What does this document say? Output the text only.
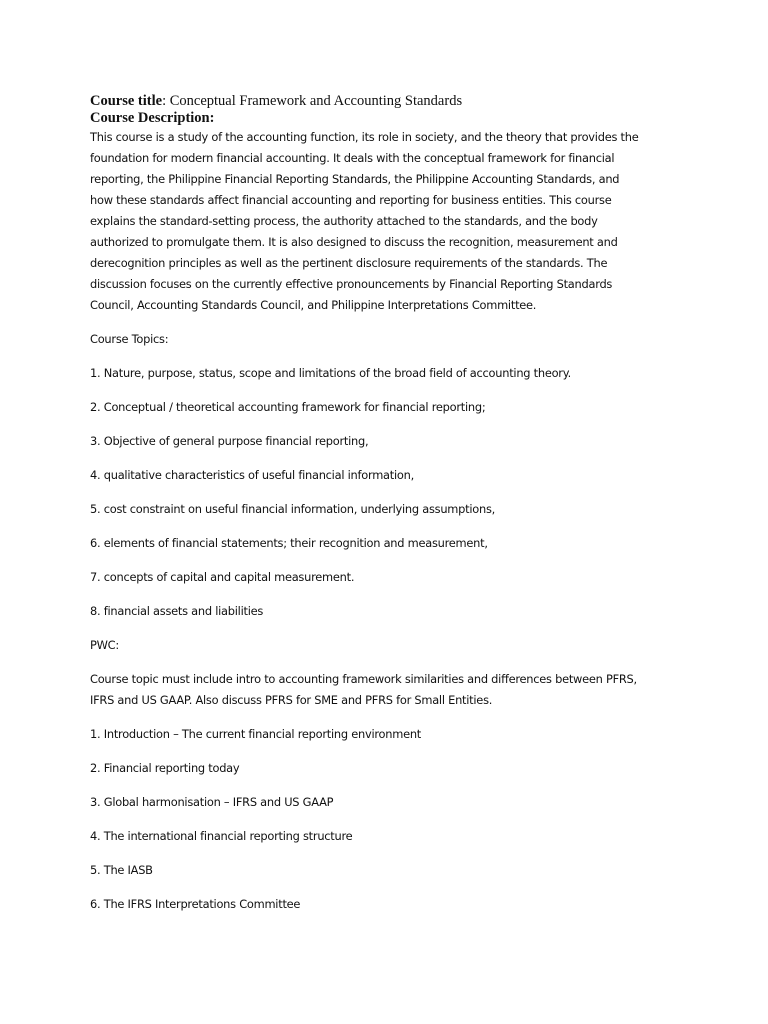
Course title: Conceptual Framework and Accounting Standards

Course Description:

This course is a study of the accounting function, its role in society, and the theory that provides the
foundation for modern financial accounting. It deals with the conceptual framework for financial
reporting, the Philippine Financial Reporting Standards, the Philippine Accounting Standards, and
how these standards affect financial accounting and reporting for business entities. This course
explains the standard-setting process, the authority attached to the standards, and the body
authorized to promulgate them. It is also designed to discuss the recognition, measurement and
derecognition principles as well as the pertinent disclosure requirements of the standards. The
discussion focuses on the currently effective pronouncements by Financial Reporting Standards
Council, Accounting Standards Council, and Philippine Interpretations Committee.

Course Topics:

1. Nature, purpose, status, scope and limitations of the broad field of accounting theory.

2. Conceptual / theoretical accounting framework for financial reporting;

3. Objective of general purpose financial reporting,

4. qualitative characteristics of useful financial information,

5. cost constraint on useful financial information, underlying assumptions,

6. elements of financial statements; their recognition and measurement,

7. concepts of capital and capital measurement.

8. financial assets and liabilities

PWC:

Course topic must include intro to accounting framework similarities and differences between PFRS,
IFRS and US GAAP. Also discuss PFRS for SME and PFRS for Small Entities.

1. Introduction – The current financial reporting environment

2. Financial reporting today

3. Global harmonisation – IFRS and US GAAP

4. The international financial reporting structure

5. The IASB

6. The IFRS Interpretations Committee
